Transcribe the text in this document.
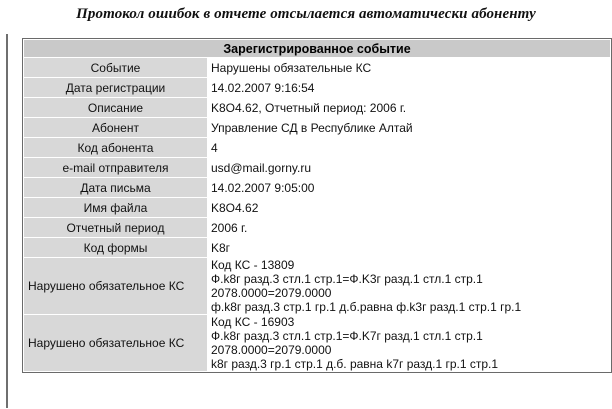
Протокол ошибок в отчете отсылается автоматически абоненту
Зарегистрированное событие	
Событие	Нарушены обязательные КС
Дата регистрации	14.02.2007 9:16:54
Описание	K8O4.62, Отчетный период: 2006 г.
Абонент	Управление СД в Республике Алтай
Код абонента	4
e-mail отправителя	usd@mail.gorny.ru
Дата письма	14.02.2007 9:05:00
Имя файла	K8O4.62
Отчетный период	2006 г.
Код формы	K8г
Нарушено обязательное КС	Код КС - 13809
Ф.k8г разд.3 стл.1 стр.1=Ф.K3г разд.1 стл.1 стр.1
2078.0000=2079.0000
ф.k8г разд.3 стр.1 гр.1 д.б.равна ф.k3г разд.1 стр.1 гр.1

Нарушено обязательное КС	Код КС - 16903
Ф.k8г разд.3 стл.1 стр.1=Ф.K7г разд.1 стл.1 стр.1
2078.0000=2079.0000
k8г разд.3 гр.1 стр.1 д.б. равна k7г разд.1 гр.1 стр.1
